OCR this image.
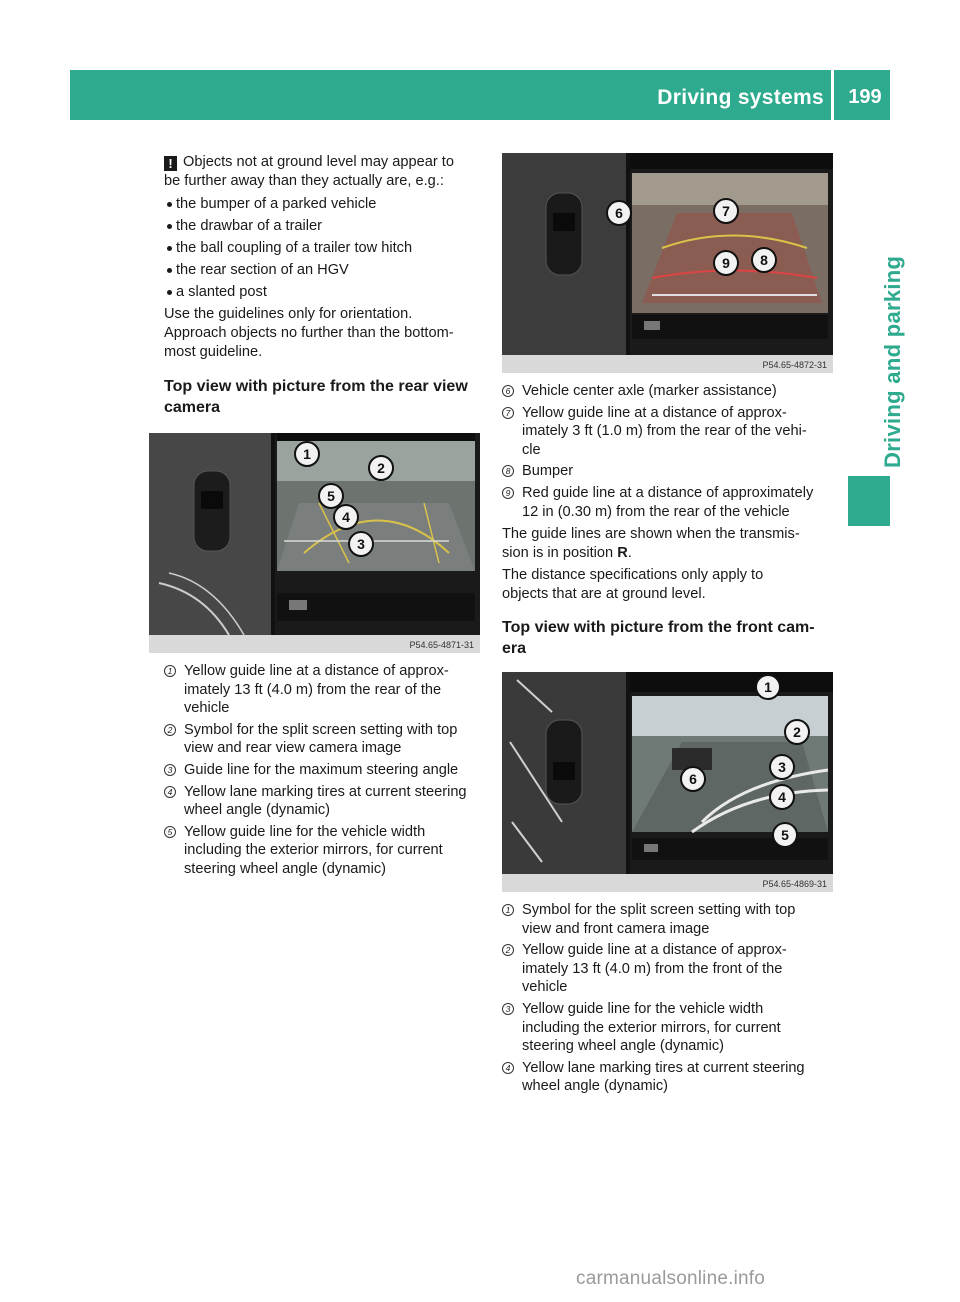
Driving systems	199
Driving and parking
! Objects not at ground level may appear to
be further away than they actually are, e.g.:
the bumper of a parked vehicle
the drawbar of a trailer
the ball coupling of a trailer tow hitch
the rear section of an HGV
a slanted post
Use the guidelines only for orientation.
Approach objects no further than the bottom-
most guideline.
Top view with picture from the rear view
camera
P54.65-4871-31
1
2
5
4
3
1 Yellow guide line at a distance of approx-
imately 13 ft (4.0 m) from the rear of the
vehicle
2 Symbol for the split screen setting with top
view and rear view camera image
3 Guide line for the maximum steering angle
4 Yellow lane marking tires at current steering
wheel angle (dynamic)
5 Yellow guide line for the vehicle width
including the exterior mirrors, for current
steering wheel angle (dynamic)
P54.65-4872-31
6	7
9	8
6 Vehicle center axle (marker assistance)
7 Yellow guide line at a distance of approx-
imately 3 ft (1.0 m) from the rear of the vehi-
cle
8 Bumper
9 Red guide line at a distance of approximately
12 in (0.30 m) from the rear of the vehicle
The guide lines are shown when the transmis-
sion is in position R.
The distance specifications only apply to
objects that are at ground level.
Top view with picture from the front cam-
era
P54.65-4869-31
1
2
3
6
4
5
1 Symbol for the split screen setting with top
view and front camera image
2 Yellow guide line at a distance of approx-
imately 13 ft (4.0 m) from the front of the
vehicle
3 Yellow guide line for the vehicle width
including the exterior mirrors, for current
steering wheel angle (dynamic)
4 Yellow lane marking tires at current steering
wheel angle (dynamic)
carmanualsonline.info
